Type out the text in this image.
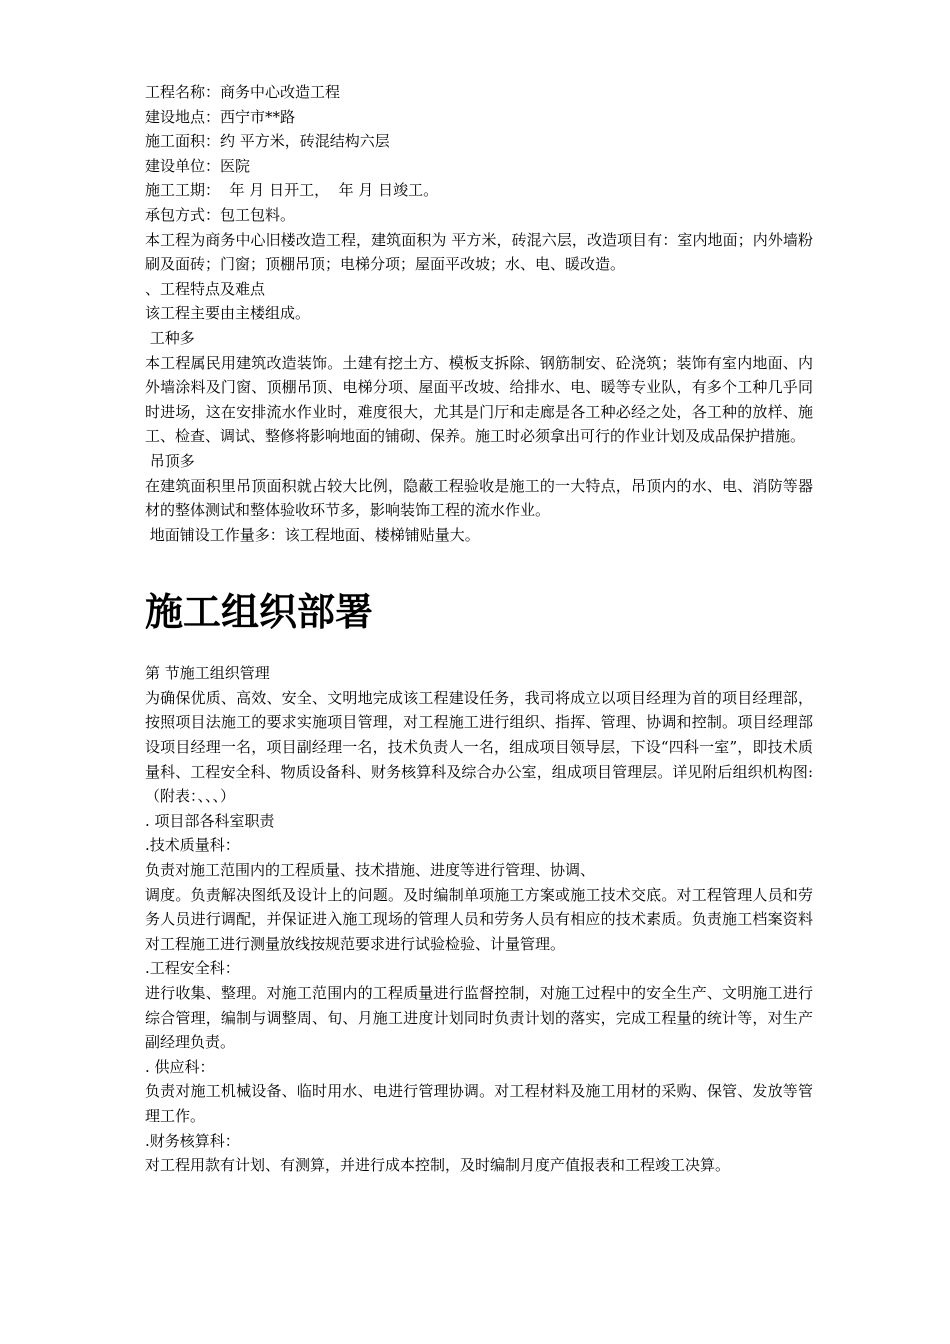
工程名称：商务中心改造工程

建设地点：西宁市**路

施工面积：约 平方米，砖混结构六层

建设单位：医院

施工工期：  年 月 日开工，  年 月 日竣工。

承包方式：包工包料。

本工程为商务中心旧楼改造工程，建筑面积为 平方米，砖混六层，改造项目有：室内地面；内外墙粉刷及面砖；门窗；顶棚吊顶；电梯分项；屋面平改坡；水、电、暖改造。

、工程特点及难点

该工程主要由主楼组成。

工种多

本工程属民用建筑改造装饰。土建有挖土方、模板支拆除、钢筋制安、砼浇筑；装饰有室内地面、内外墙涂料及门窗、顶棚吊顶、电梯分项、屋面平改坡、给排水、电、暖等专业队，有多个工种几乎同时进场，这在安排流水作业时，难度很大，尤其是门厅和走廊是各工种必经之处，各工种的放样、施工、检查、调试、整修将影响地面的铺砌、保养。施工时必须拿出可行的作业计划及成品保护措施。

吊顶多

在建筑面积里吊顶面积就占较大比例，隐蔽工程验收是施工的一大特点，吊顶内的水、电、消防等器材的整体测试和整体验收环节多，影响装饰工程的流水作业。

地面铺设工作量多：该工程地面、楼梯铺贴量大。

施工组织部署

第 节施工组织管理

为确保优质、高效、安全、文明地完成该工程建设任务，我司将成立以项目经理为首的项目经理部，按照项目法施工的要求实施项目管理，对工程施工进行组织、指挥、管理、协调和控制。项目经理部设项目经理一名，项目副经理一名，技术负责人一名，组成项目领导层，下设“四科一室”，即技术质量科、工程安全科、物质设备科、财务核算科及综合办公室，组成项目管理层。详见附后组织机构图:（附表：、、、）

. 项目部各科室职责

.技术质量科：

负责对施工范围内的工程质量、技术措施、进度等进行管理、协调、

调度。负责解决图纸及设计上的问题。及时编制单项施工方案或施工技术交底。对工程管理人员和劳务人员进行调配，并保证进入施工现场的管理人员和劳务人员有相应的技术素质。负责施工档案资料对工程施工进行测量放线按规范要求进行试验检验、计量管理。

.工程安全科：

进行收集、整理。对施工范围内的工程质量进行监督控制，对施工过程中的安全生产、文明施工进行综合管理，编制与调整周、旬、月施工进度计划同时负责计划的落实，完成工程量的统计等，对生产副经理负责。

. 供应科：

负责对施工机械设备、临时用水、电进行管理协调。对工程材料及施工用材的采购、保管、发放等管理工作。

.财务核算科：

对工程用款有计划、有测算，并进行成本控制，及时编制月度产值报表和工程竣工决算。
